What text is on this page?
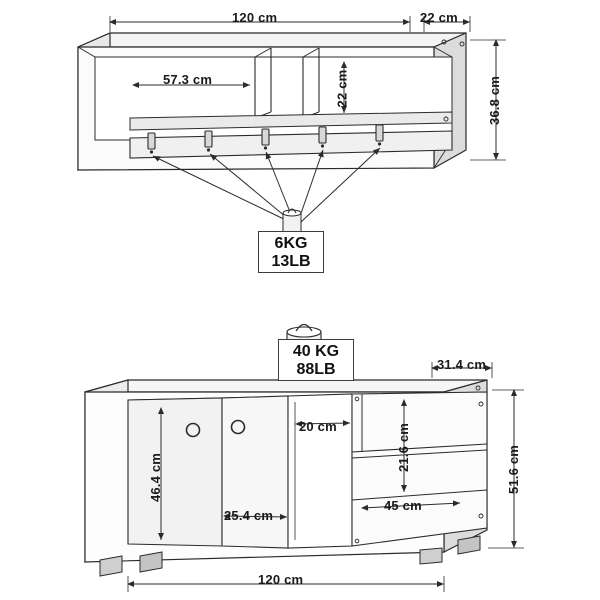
120 cm	22 cm
36.8 cm
57.3 cm	22 cm
6KG
13LB
40 KG
88LB	31.4 cm
51.6 cm
120 cm
46.4 cm
25.4 cm
20 cm	21.6 cm
45 cm
